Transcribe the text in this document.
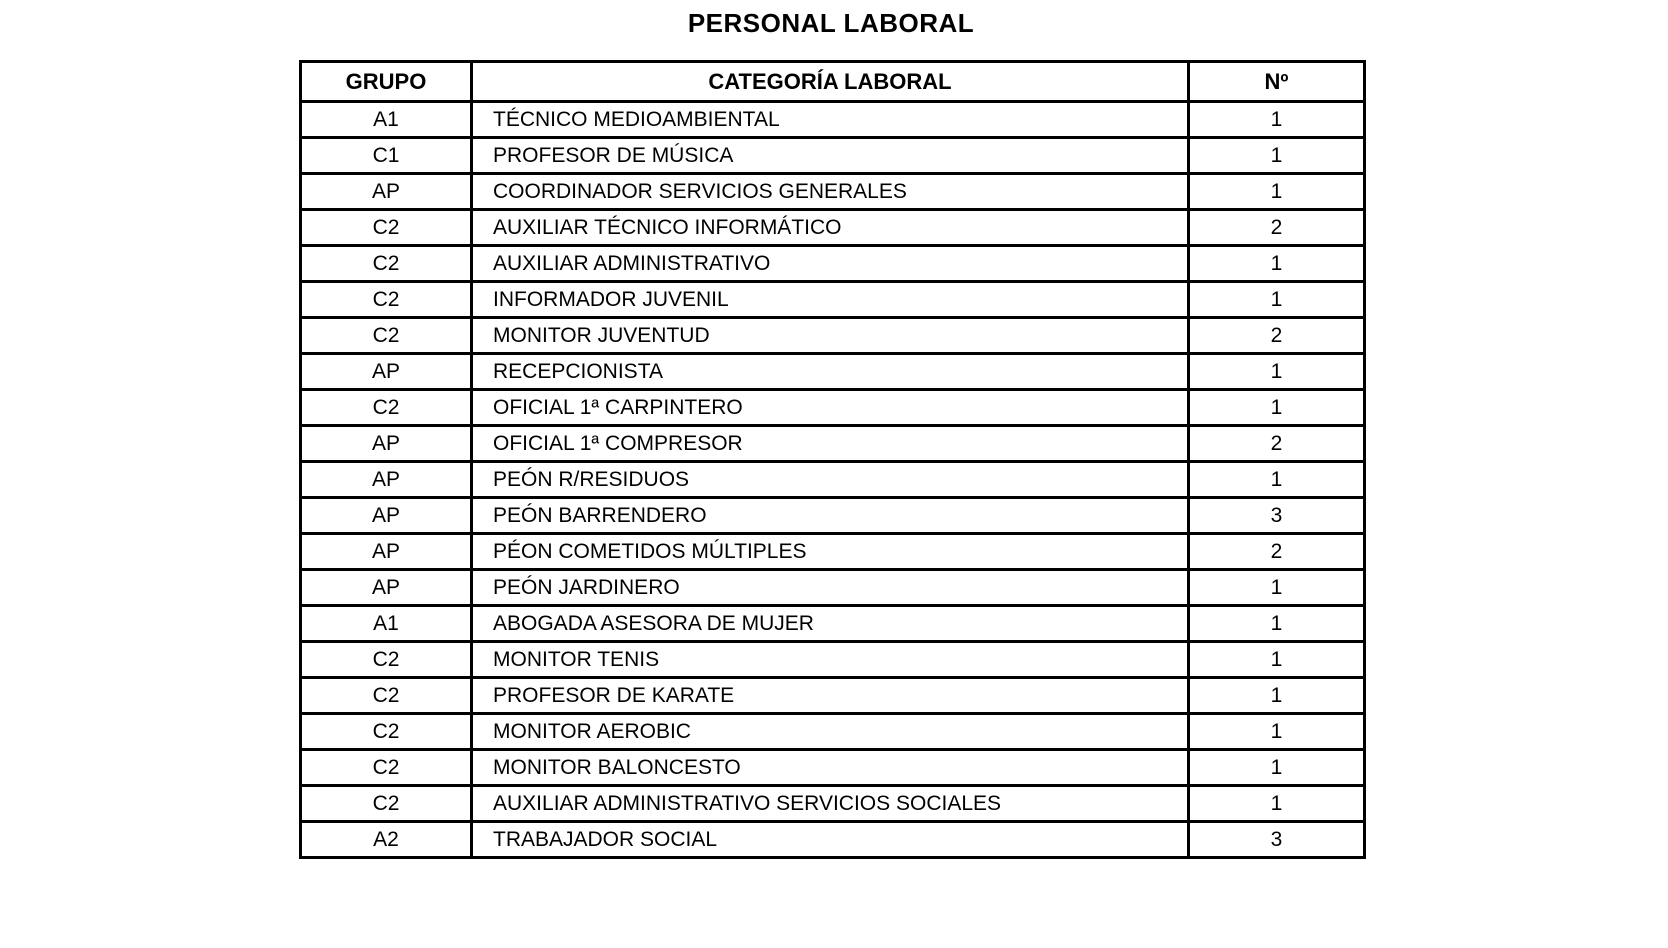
PERSONAL LABORAL
GRUPO	CATEGORÍA LABORAL	Nº
A1	TÉCNICO MEDIOAMBIENTAL	1
C1	PROFESOR DE MÚSICA	1
AP	COORDINADOR SERVICIOS GENERALES	1
C2	AUXILIAR TÉCNICO INFORMÁTICO	2
C2	AUXILIAR ADMINISTRATIVO	1
C2	INFORMADOR JUVENIL	1
C2	MONITOR JUVENTUD	2
AP	RECEPCIONISTA	1
C2	OFICIAL 1ª CARPINTERO	1
AP	OFICIAL 1ª COMPRESOR	2
AP	PEÓN R/RESIDUOS	1
AP	PEÓN BARRENDERO	3
AP	PÉON COMETIDOS MÚLTIPLES	2
AP	PEÓN JARDINERO	1
A1	ABOGADA ASESORA DE MUJER	1
C2	MONITOR TENIS	1
C2	PROFESOR DE KARATE	1
C2	MONITOR AEROBIC	1
C2	MONITOR BALONCESTO	1
C2	AUXILIAR ADMINISTRATIVO SERVICIOS SOCIALES	1
A2	TRABAJADOR SOCIAL	3
